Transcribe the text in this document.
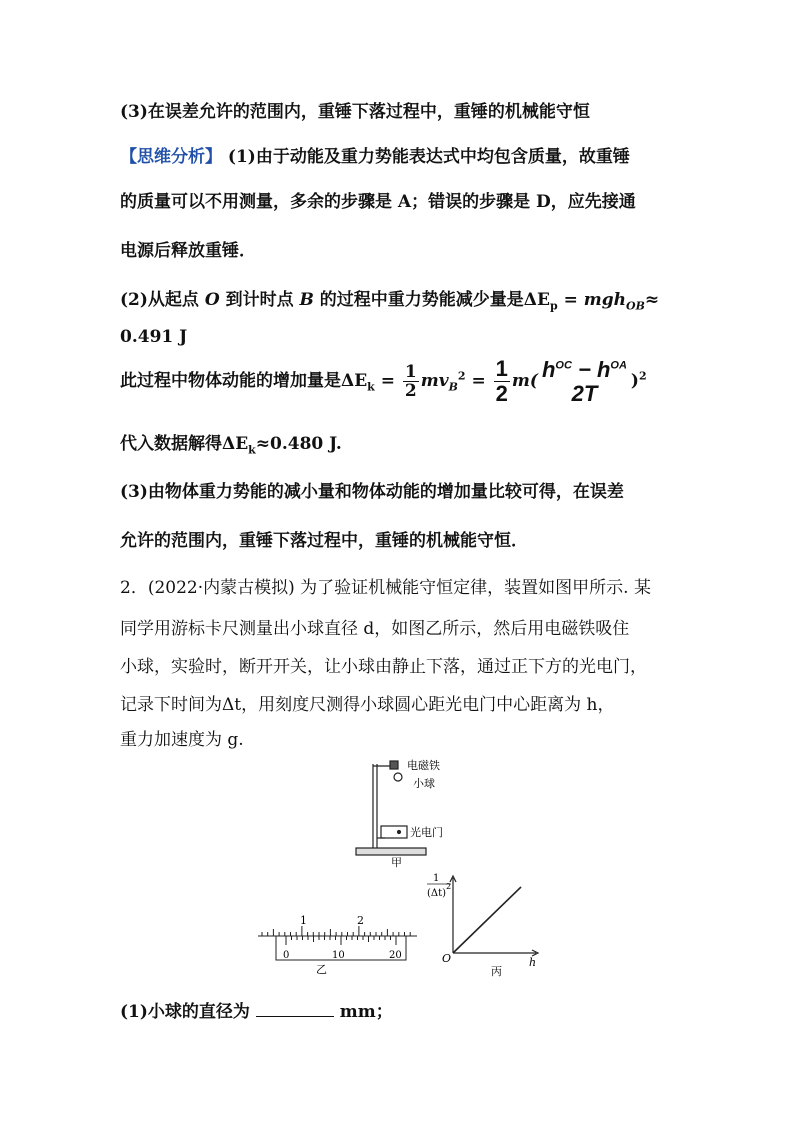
(3)在误差允许的范围内，重锤下落过程中，重锤的机械能守恒
【思维分析】 (1)由于动能及重力势能表达式中均包含质量，故重锤
的质量可以不用测量，多余的步骤是 A；错误的步骤是 D，应先接通
电源后释放重锤．
(2)从起点 O 到计时点 B 的过程中重力势能减少量是$\Delta E_p = mgh_{OB}\approx$
0.491 J
此过程中物体动能的增加量是$\Delta E_k = \frac{1}{2} mv_B^2 = \frac{1}{2} m$( $h^{OC} - h^{OA}$
2T	)$^2$
代入数据解得$\Delta E_k\approx 0.480$ J.
(3)由物体重力势能的减小量和物体动能的增加量比较可得，在误差
允许的范围内，重锤下落过程中，重锤的机械能守恒．
2．(2022·内蒙古模拟) 为了验证机械能守恒定律，装置如图甲所示. 某
同学用游标卡尺测量出小球直径 d，如图乙所示，然后用电磁铁吸住
小球，实验时，断开开关，让小球由静止下落，通过正下方的光电门，
记录下时间为Δt，用刻度尺测得小球圆心距光电门中心距离为 h，
重力加速度为 g.
电磁铁
小球
光电门
甲
1	2
0	10	20
乙
1
(Δt)
2
O	h
丙
(1)小球的直径为	mm；
